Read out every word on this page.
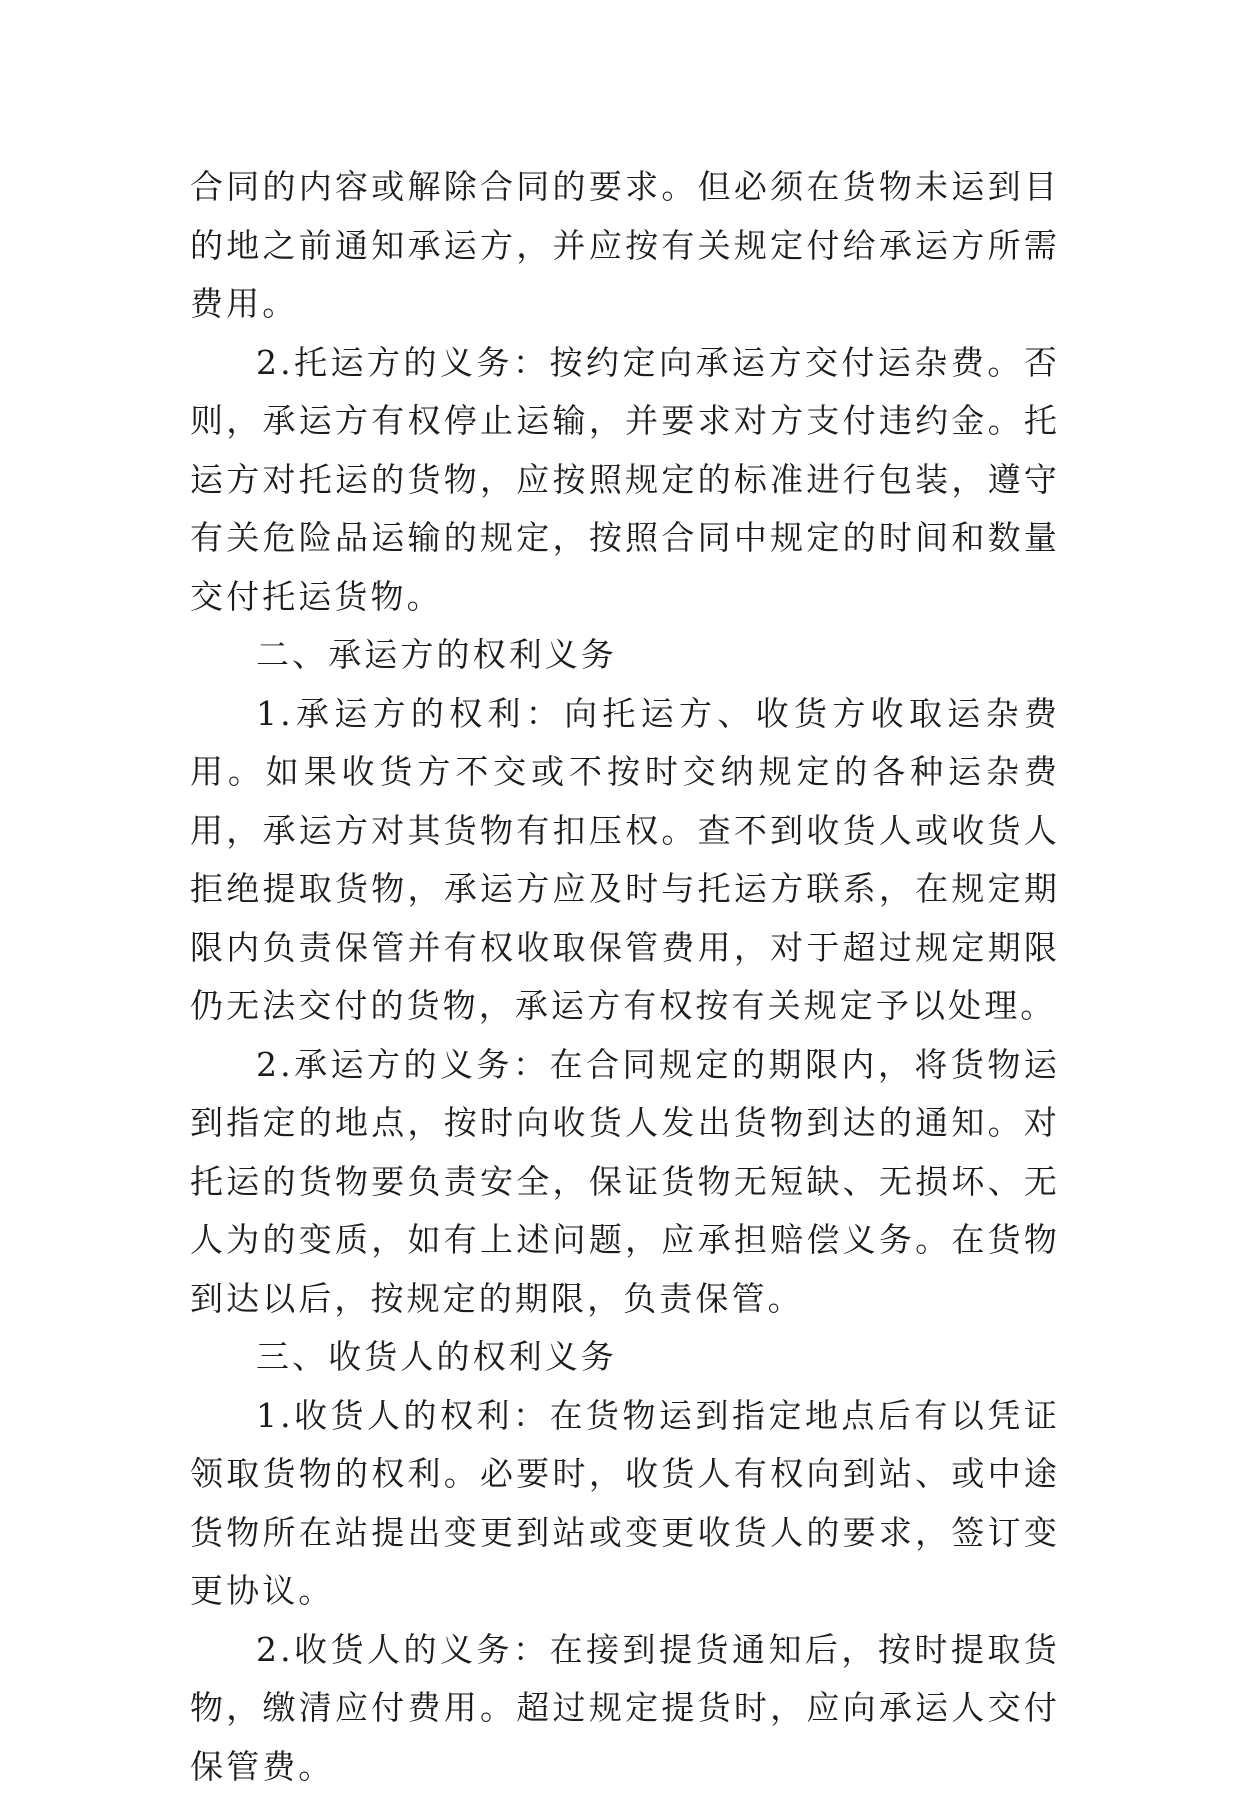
合同的内容或解除合同的要求。但必须在货物未运到目的地之前通知承运方，并应按有关规定付给承运方所需费用。

2.托运方的义务：按约定向承运方交付运杂费。否则，承运方有权停止运输，并要求对方支付违约金。托运方对托运的货物，应按照规定的标准进行包装，遵守有关危险品运输的规定，按照合同中规定的时间和数量交付托运货物。

二、承运方的权利义务

1.承运方的权利：向托运方、收货方收取运杂费用。如果收货方不交或不按时交纳规定的各种运杂费用，承运方对其货物有扣压权。查不到收货人或收货人拒绝提取货物，承运方应及时与托运方联系，在规定期限内负责保管并有权收取保管费用，对于超过规定期限仍无法交付的货物，承运方有权按有关规定予以处理。

2.承运方的义务：在合同规定的期限内，将货物运到指定的地点，按时向收货人发出货物到达的通知。对托运的货物要负责安全，保证货物无短缺、无损坏、无人为的变质，如有上述问题，应承担赔偿义务。在货物到达以后，按规定的期限，负责保管。

三、收货人的权利义务

1.收货人的权利：在货物运到指定地点后有以凭证领取货物的权利。必要时，收货人有权向到站、或中途货物所在站提出变更到站或变更收货人的要求，签订变更协议。

2.收货人的义务：在接到提货通知后，按时提取货物，缴清应付费用。超过规定提货时，应向承运人交付保管费。
